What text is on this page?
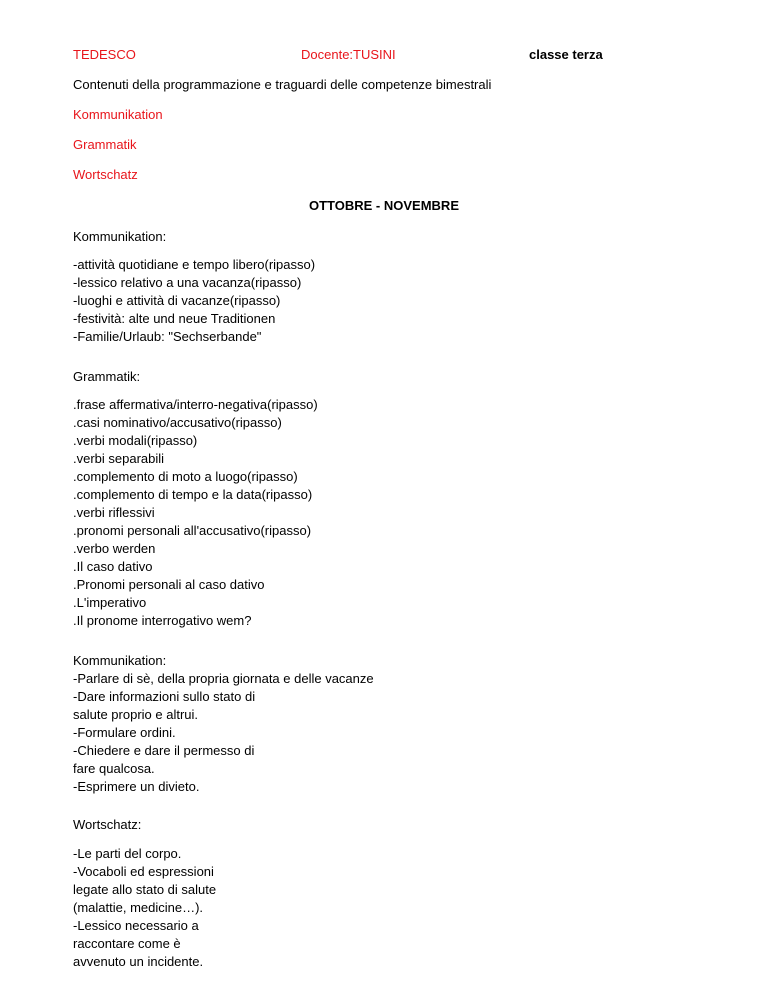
TEDESCO	Docente:TUSINI	classe terza
Contenuti della programmazione e traguardi delle competenze bimestrali
Kommunikation
Grammatik
Wortschatz
OTTOBRE - NOVEMBRE
Kommunikation:
-attività quotidiane e tempo libero(ripasso)
-lessico relativo a una vacanza(ripasso)
-luoghi e attività di vacanze(ripasso)
-festività: alte und neue Traditionen
-Familie/Urlaub: "Sechserbande"
Grammatik:
.frase affermativa/interro-negativa(ripasso)
.casi nominativo/accusativo(ripasso)
.verbi modali(ripasso)
.verbi separabili
.complemento di moto a luogo(ripasso)
.complemento di tempo e la data(ripasso)
.verbi riflessivi
.pronomi personali all'accusativo(ripasso)
.verbo werden
.Il caso dativo
.Pronomi personali al caso dativo
.L'imperativo
.Il pronome interrogativo wem?
Kommunikation:
-Parlare di sè, della propria giornata e delle vacanze
-Dare informazioni sullo stato di
salute proprio e altrui.
-Formulare ordini.
-Chiedere e dare il permesso di
fare qualcosa.
-Esprimere un divieto.
Wortschatz:
-Le parti del corpo.
-Vocaboli ed espressioni
legate allo stato di salute
(malattie, medicine…).
-Lessico necessario a
raccontare come è
avvenuto un incidente.
